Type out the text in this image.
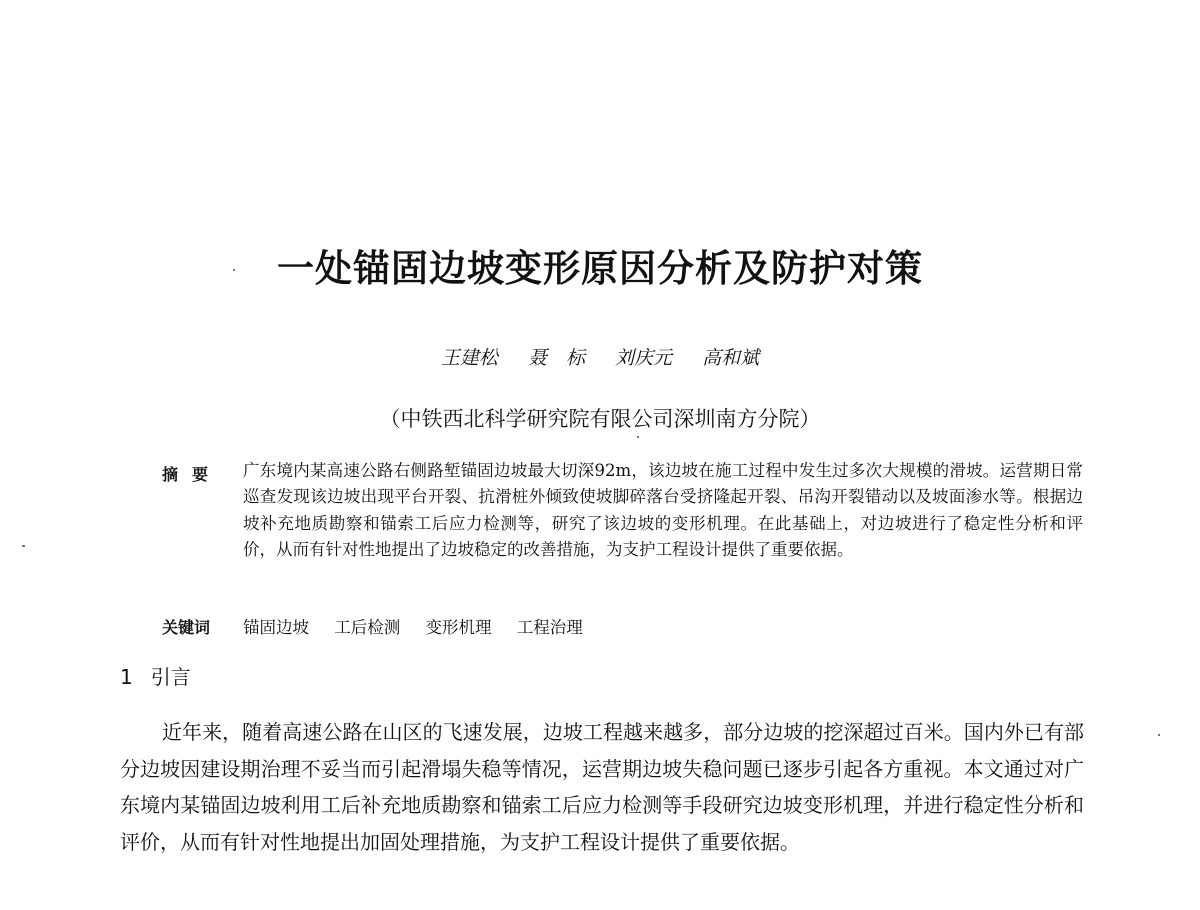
一处锚固边坡变形原因分析及防护对策
王建松 聂　标 刘庆元 高和斌
（中铁西北科学研究院有限公司深圳南方分院）
摘要 广东境内某高速公路右侧路堑锚固边坡最大切深92m，该边坡在施工过程中发生过多次大规模的滑坡。运营期日常巡查发现该边坡出现平台开裂、抗滑桩外倾致使坡脚碎落台受挤隆起开裂、吊沟开裂错动以及坡面渗水等。根据边坡补充地质勘察和锚索工后应力检测等，研究了该边坡的变形机理。在此基础上，对边坡进行了稳定性分析和评价，从而有针对性地提出了边坡稳定的改善措施，为支护工程设计提供了重要依据。

关键词 锚固边坡 工后检测 变形机理 工程治理
1 引言

近年来，随着高速公路在山区的飞速发展，边坡工程越来越多，部分边坡的挖深超过百米。国内外已有部分边坡因建设期治理不妥当而引起滑塌失稳等情况，运营期边坡失稳问题已逐步引起各方重视。本文通过对广东境内某锚固边坡利用工后补充地质勘察和锚索工后应力检测等手段研究边坡变形机理，并进行稳定性分析和评价，从而有针对性地提出加固处理措施，为支护工程设计提供了重要依据。
